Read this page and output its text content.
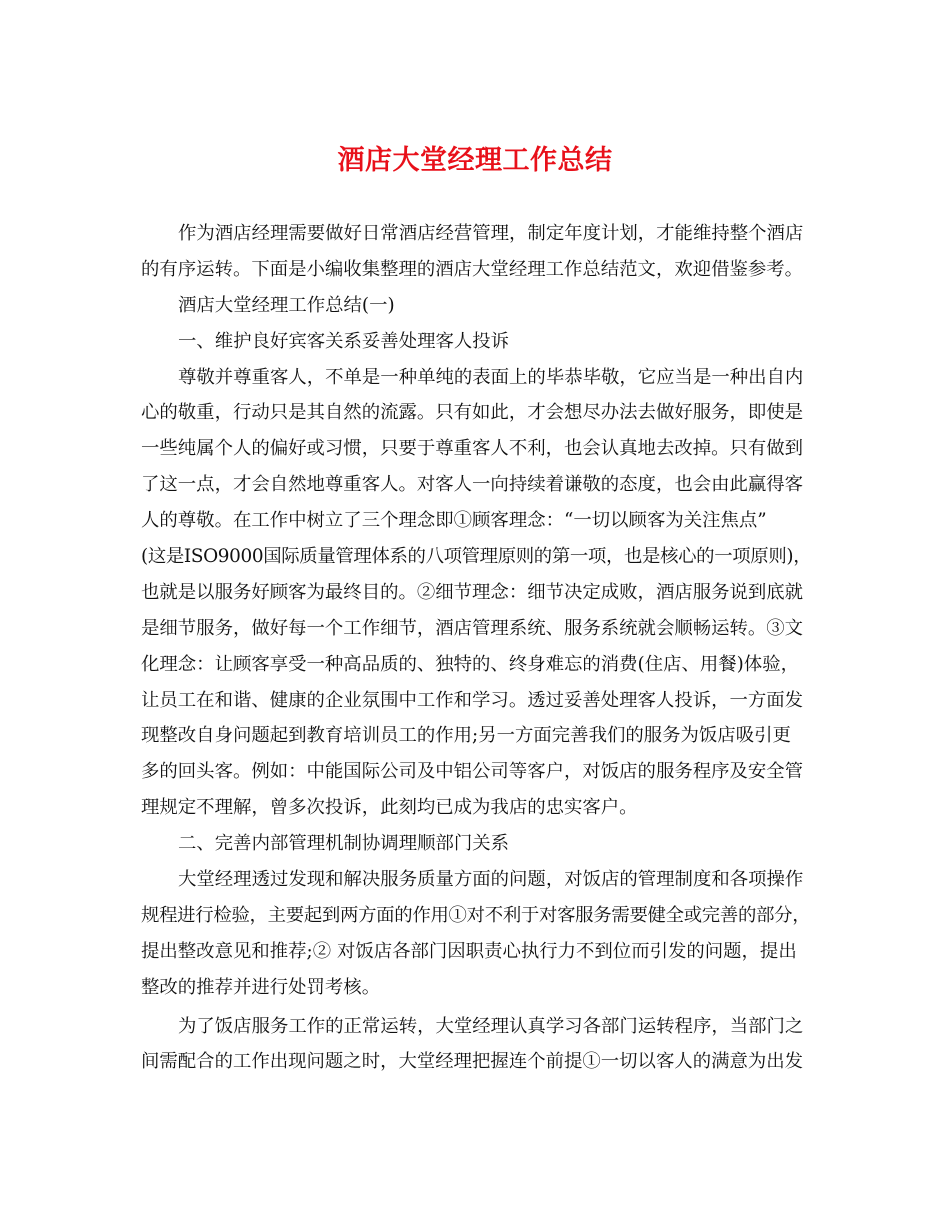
酒店大堂经理工作总结
作为酒店经理需要做好日常酒店经营管理，制定年度计划，才能维持整个酒店
的有序运转。下面是小编收集整理的酒店大堂经理工作总结范文，欢迎借鉴参考。
酒店大堂经理工作总结(一)
一、维护良好宾客关系妥善处理客人投诉
尊敬并尊重客人，不单是一种单纯的表面上的毕恭毕敬，它应当是一种出自内
心的敬重，行动只是其自然的流露。只有如此，才会想尽办法去做好服务，即使是
一些纯属个人的偏好或习惯，只要于尊重客人不利，也会认真地去改掉。只有做到
了这一点，才会自然地尊重客人。对客人一向持续着谦敬的态度，也会由此赢得客
人的尊敬。在工作中树立了三个理念即①顾客理念：“一切以顾客为关注焦点”
(这是ISO9000国际质量管理体系的八项管理原则的第一项，也是核心的一项原则)，
也就是以服务好顾客为最终目的。②细节理念：细节决定成败，酒店服务说到底就
是细节服务，做好每一个工作细节，酒店管理系统、服务系统就会顺畅运转。③文
化理念：让顾客享受一种高品质的、独特的、终身难忘的消费(住店、用餐)体验，
让员工在和谐、健康的企业氛围中工作和学习。透过妥善处理客人投诉，一方面发
现整改自身问题起到教育培训员工的作用;另一方面完善我们的服务为饭店吸引更
多的回头客。例如：中能国际公司及中铝公司等客户，对饭店的服务程序及安全管
理规定不理解，曾多次投诉，此刻均已成为我店的忠实客户。
二、完善内部管理机制协调理顺部门关系
大堂经理透过发现和解决服务质量方面的问题，对饭店的管理制度和各项操作
规程进行检验，主要起到两方面的作用①对不利于对客服务需要健全或完善的部分，
提出整改意见和推荐;② 对饭店各部门因职责心执行力不到位而引发的问题，提出
整改的推荐并进行处罚考核。
为了饭店服务工作的正常运转，大堂经理认真学习各部门运转程序，当部门之
间需配合的工作出现问题之时，大堂经理把握连个前提①一切以客人的满意为出发
